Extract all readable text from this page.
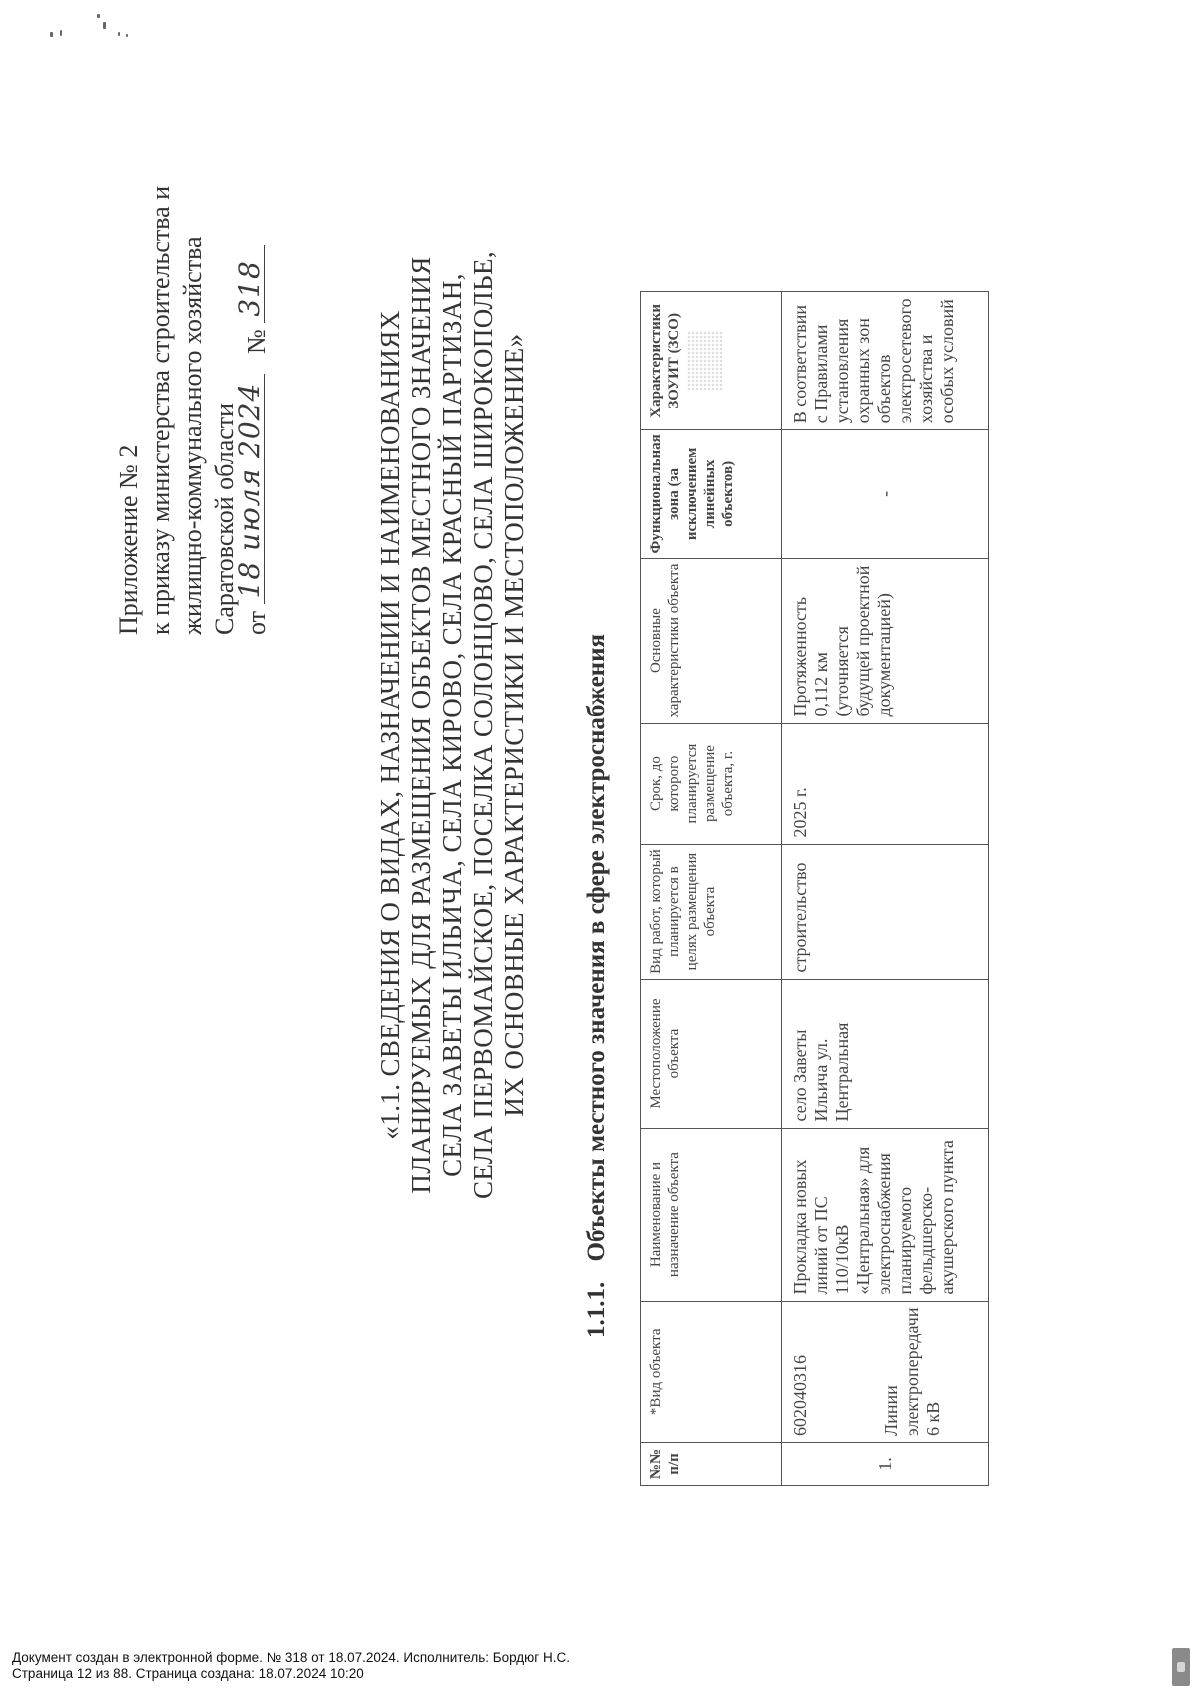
Приложение № 2 к приказу министерства строительства и жилищно-коммунального хозяйства Саратовской области от
18 июля 2024
№
318
«1.1. СВЕДЕНИЯ О ВИДАХ, НАЗНАЧЕНИИ И НАИМЕНОВАНИЯХ ПЛАНИРУЕМЫХ ДЛЯ РАЗМЕЩЕНИЯ ОБЪЕКТОВ МЕСТНОГО ЗНАЧЕНИЯ СЕЛА ЗАВЕТЫ ИЛЬИЧА, СЕЛА КИРОВО, СЕЛА КРАСНЫЙ ПАРТИЗАН, СЕЛА ПЕРВОМАЙСКОЕ, ПОСЕЛКА СОЛОНЦОВО, СЕЛА ШИРОКОПОЛЬЕ, ИХ ОСНОВНЫЕ ХАРАКТЕРИСТИКИ И МЕСТОПОЛОЖЕНИЕ»
1.1.1. Объекты местного значения в сфере электроснабжения
№№ п/п	*Вид объекта	Наименование и назначение объекта	Местоположение объекта	Вид работ, который планируется в целях размещения объекта	Срок, до которого планируется размещение объекта, г.	Основные характеристики объекта	Функциональная зона (за исключением линейных объектов)	Характеристики ЗОУИТ (ЗСО)

1.	602040316 Линии электропередачи 6 кВ	Прокладка новых линий от ПС 110/10кВ «Центральная» для электроснабжения планируемого фельдшерско-акушерского пункта	село Заветы Ильича ул. Центральная	строительство	2025 г.	Протяженность 0,112 км (уточняется будущей проектной документацией)	-	В соответствии с Правилами установления охранных зон объектов электросетевого хозяйства и особых условий
Документ создан в электронной форме. № 318 от 18.07.2024. Исполнитель: Бордюг Н.С.
Страница 12 из 88. Страница создана: 18.07.2024 10:20
